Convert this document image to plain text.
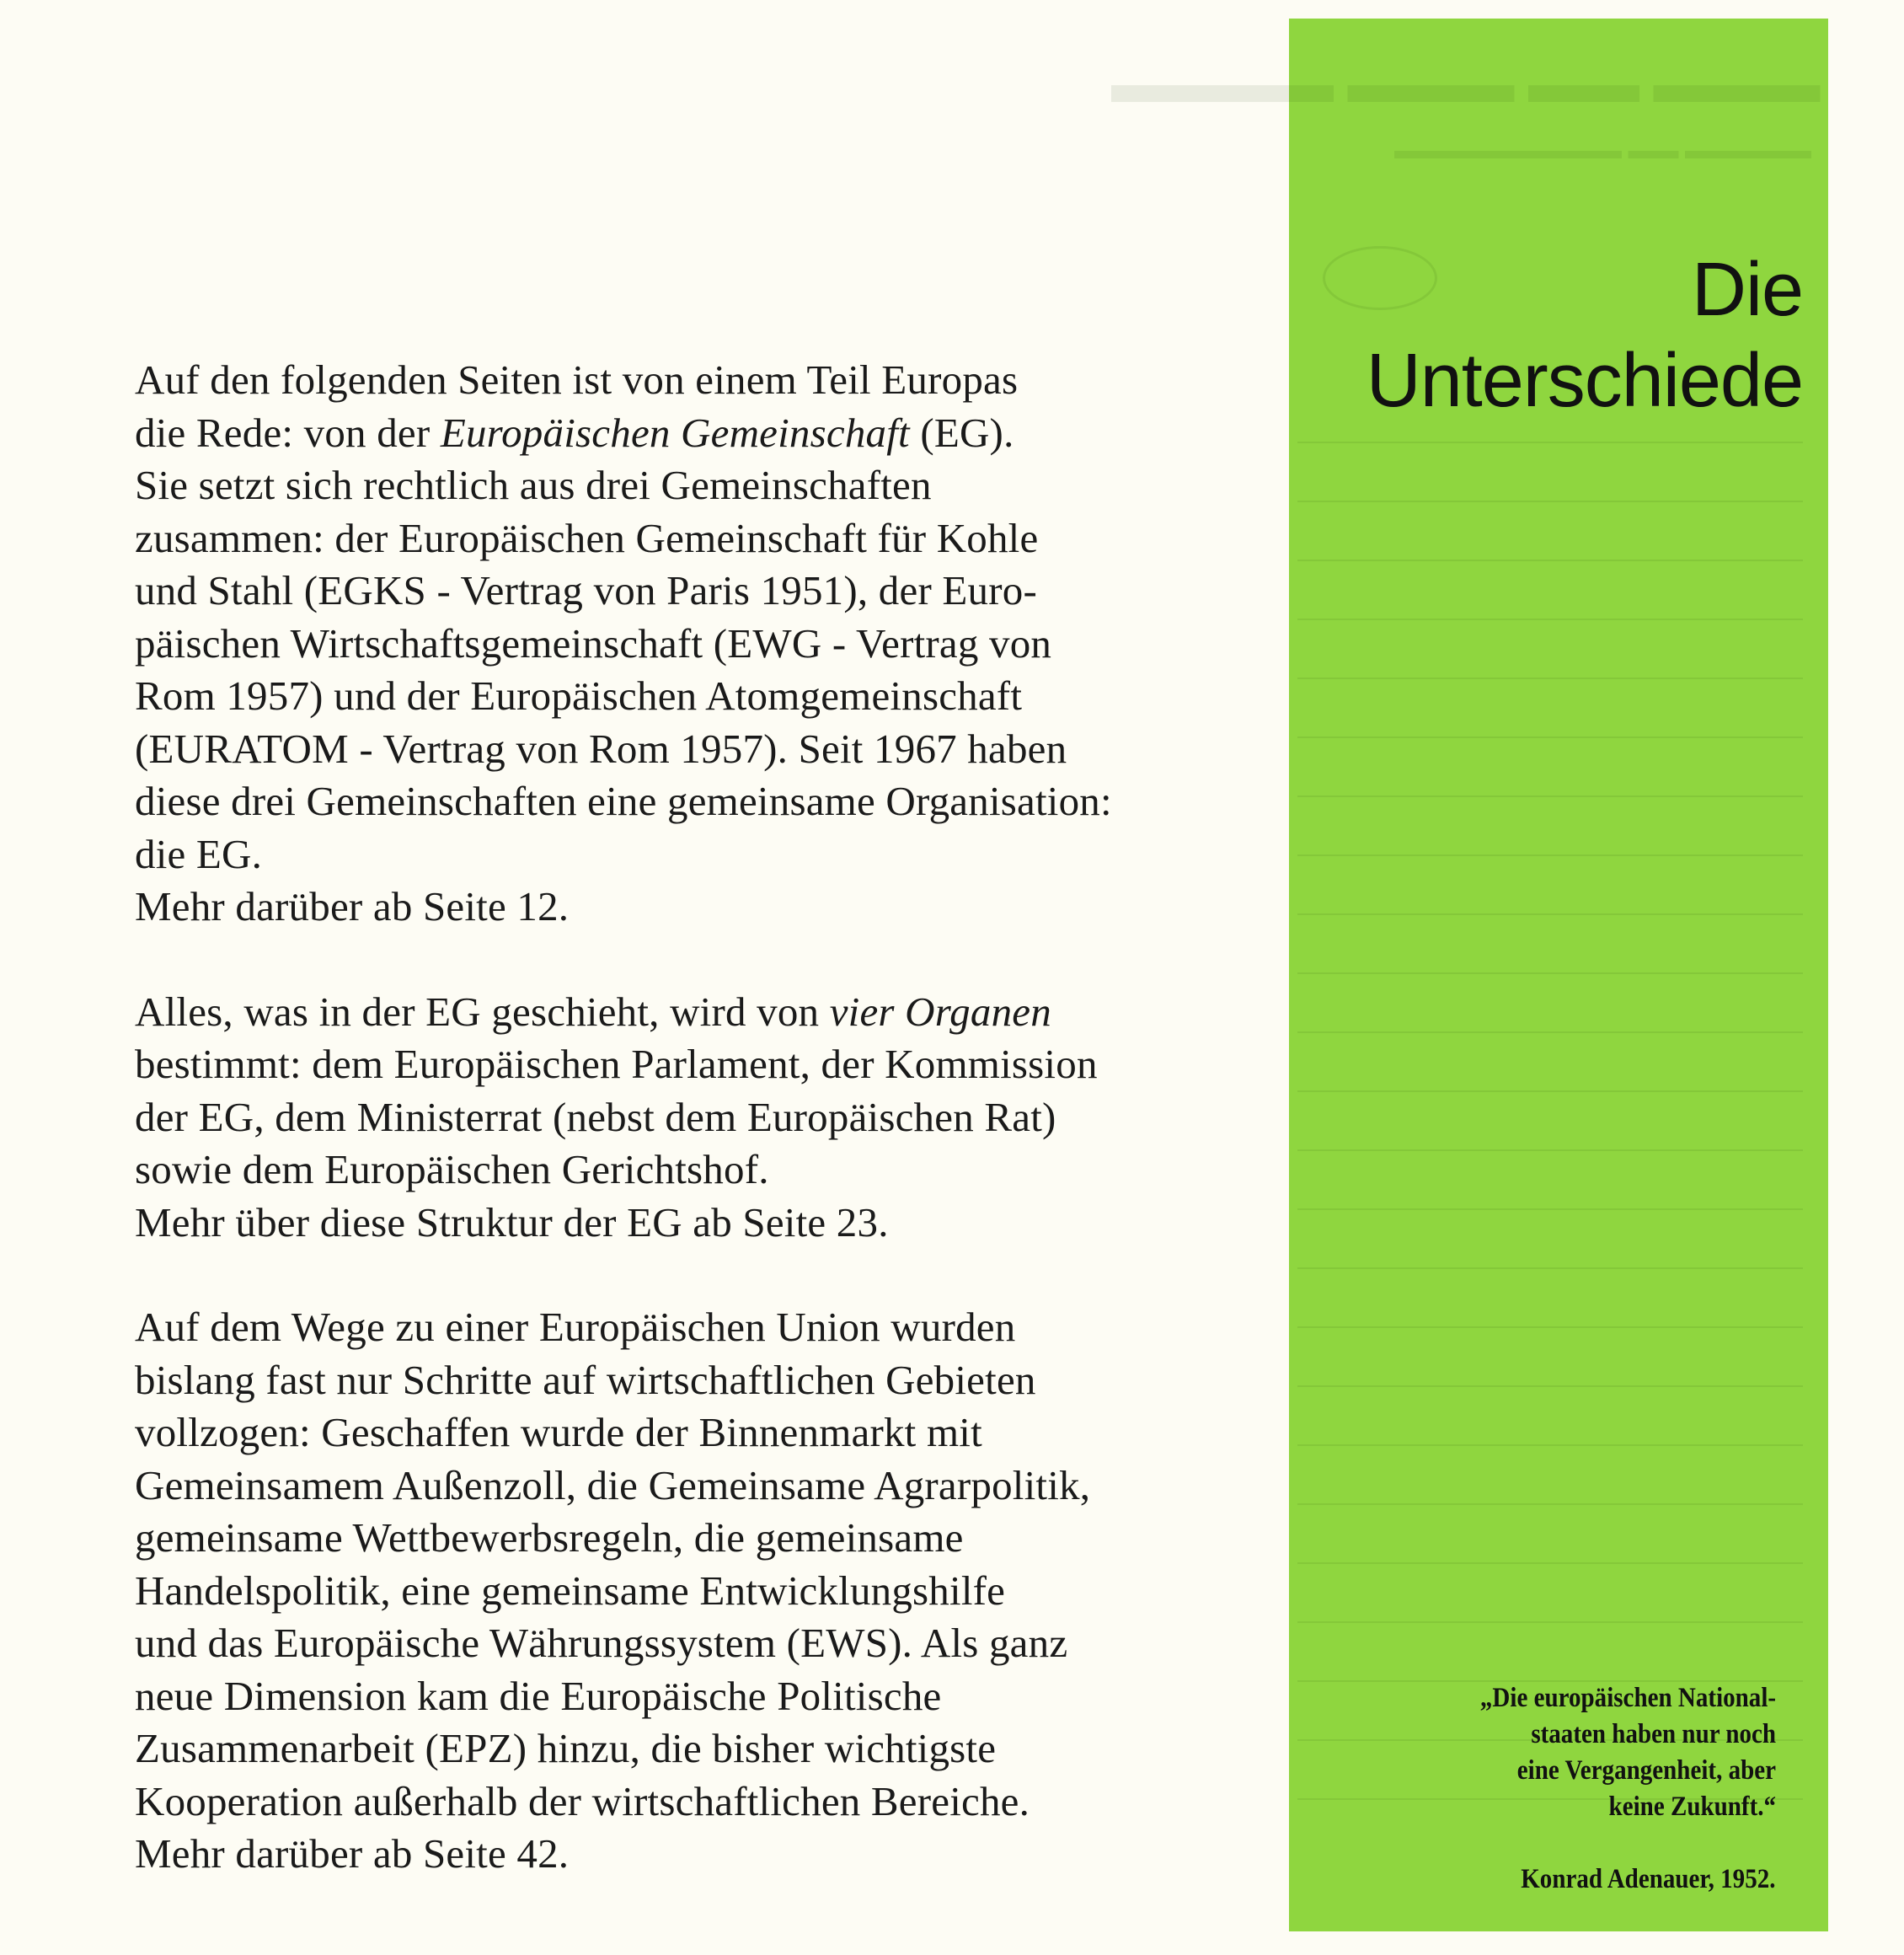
Auf den folgenden Seiten ist von einem Teil Europas
die Rede: von der Europäischen Gemeinschaft (EG).
Sie setzt sich rechtlich aus drei Gemeinschaften
zusammen: der Europäischen Gemeinschaft für Kohle
und Stahl (EGKS - Vertrag von Paris 1951), der Euro-
päischen Wirtschaftsgemeinschaft (EWG - Vertrag von
Rom 1957) und der Europäischen Atomgemeinschaft
(EURATOM - Vertrag von Rom 1957). Seit 1967 haben
diese drei Gemeinschaften eine gemeinsame Organisation:
die EG.
Mehr darüber ab Seite 12.

Alles, was in der EG geschieht, wird von vier Organen
bestimmt: dem Europäischen Parlament, der Kommission
der EG, dem Ministerrat (nebst dem Europäischen Rat)
sowie dem Europäischen Gerichtshof.
Mehr über diese Struktur der EG ab Seite 23.

Auf dem Wege zu einer Europäischen Union wurden
bislang fast nur Schritte auf wirtschaftlichen Gebieten
vollzogen: Geschaffen wurde der Binnenmarkt mit
Gemeinsamem Außenzoll, die Gemeinsame Agrarpolitik,
gemeinsame Wettbewerbsregeln, die gemeinsame
Handelspolitik, eine gemeinsame Entwicklungshilfe
und das Europäische Währungssystem (EWS). Als ganz
neue Dimension kam die Europäische Politische
Zusammenarbeit (EPZ) hinzu, die bisher wichtigste
Kooperation außerhalb der wirtschaftlichen Bereiche.
Mehr darüber ab Seite 42.

▬▬▬ ▬▬ ▬▬▬ ▬▬▬▬
▬▬▬▬▬ ▬▬ ▬▬▬▬▬▬▬▬▬
Die
Unterschiede
„Die europäischen National-
staaten haben nur noch
eine Vergangenheit, aber
keine Zukunft.“
Konrad Adenauer, 1952.
